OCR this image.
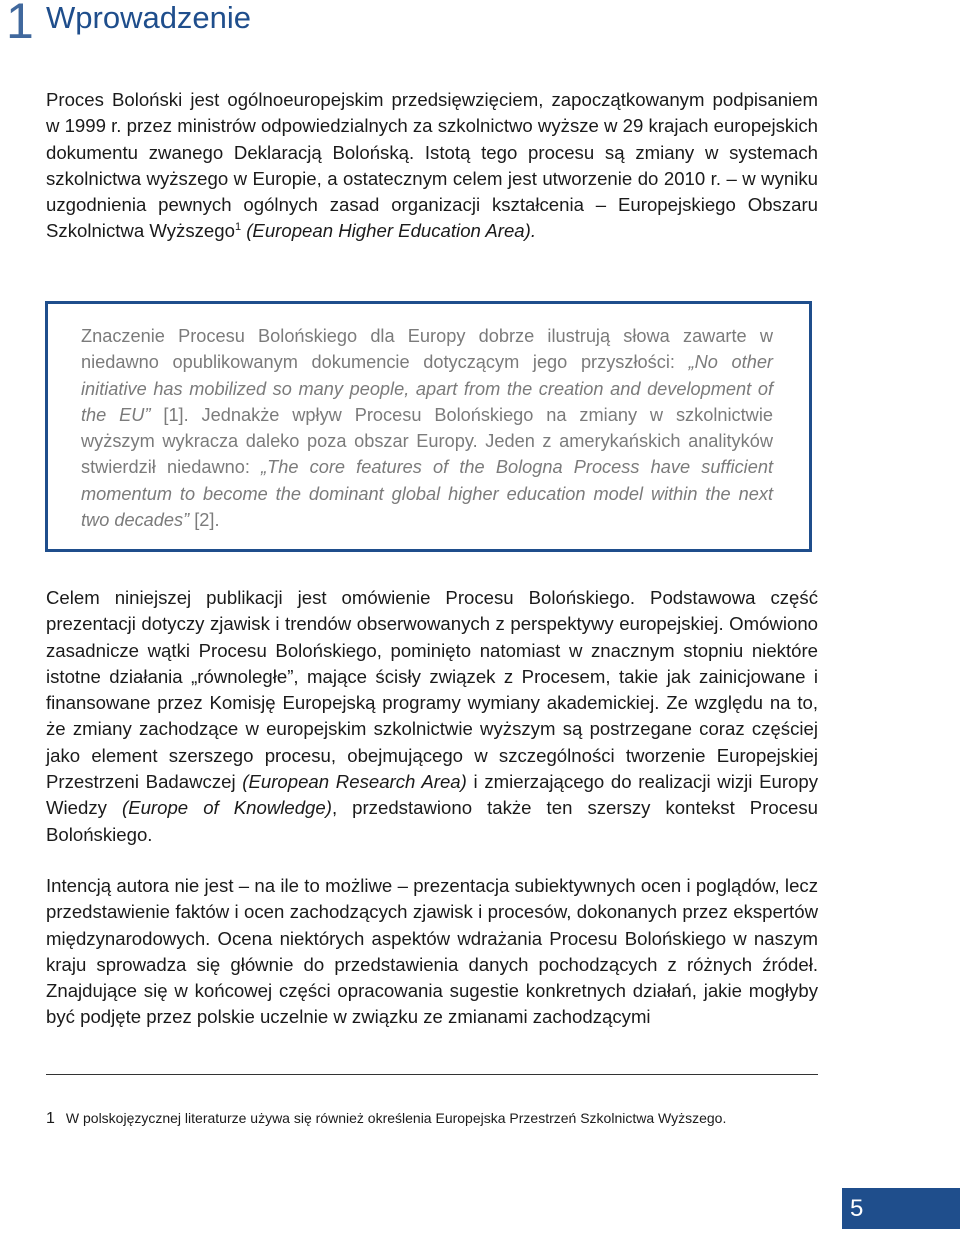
1 Wprowadzenie

Proces Boloński jest ogólnoeuropejskim przedsięwzięciem, zapoczątkowanym podpisaniem w 1999 r. przez ministrów odpowiedzialnych za szkolnictwo wyższe w 29 krajach europejskich dokumentu zwanego Deklaracją Bolońską. Istotą tego procesu są zmiany w systemach szkolnictwa wyższego w Europie, a ostatecznym celem jest utworzenie do 2010 r. – w wyniku uzgodnienia pewnych ogólnych zasad organizacji kształcenia – Europejskiego Obszaru Szkolnictwa Wyższego$^1$ (European Higher Education Area).

Znaczenie Procesu Bolońskiego dla Europy dobrze ilustrują słowa zawarte w niedawno opublikowanym dokumencie dotyczącym jego przyszłości: „No other initiative has mobilized so many people, apart from the creation and development of the EU” [1]. Jednakże wpływ Procesu Bolońskiego na zmiany w szkolnictwie wyższym wykracza daleko poza obszar Europy. Jeden z amerykańskich analityków stwierdził niedawno: „The core features of the Bologna Process have sufficient momentum to become the dominant global higher education model within the next two decades” [2].

Celem niniejszej publikacji jest omówienie Procesu Bolońskiego. Podstawowa część prezentacji dotyczy zjawisk i trendów obserwowanych z perspektywy europejskiej. Omówiono zasadnicze wątki Procesu Bolońskiego, pominięto natomiast w znacznym stopniu niektóre istotne działania „równoległe”, mające ścisły związek z Procesem, takie jak zainicjowane i finansowane przez Komisję Europejską programy wymiany akademickiej. Ze względu na to, że zmiany zachodzące w europejskim szkolnictwie wyższym są postrzegane coraz częściej jako element szerszego procesu, obejmującego w szczególności tworzenie Europejskiej Przestrzeni Badawczej (European Research Area) i zmierzającego do realizacji wizji Europy Wiedzy (Europe of Knowledge), przedstawiono także ten szerszy kontekst Procesu Bolońskiego.

Intencją autora nie jest – na ile to możliwe – prezentacja subiektywnych ocen i poglądów, lecz przedstawienie faktów i ocen zachodzących zjawisk i procesów, dokonanych przez ekspertów międzynarodowych. Ocena niektórych aspektów wdrażania Procesu Bolońskiego w naszym kraju sprowadza się głównie do przedstawienia danych pochodzących z różnych źródeł. Znajdujące się w końcowej części opracowania sugestie konkretnych działań, jakie mogłyby być podjęte przez polskie uczelnie w związku ze zmianami zachodzącymi

1 W polskojęzycznej literaturze używa się również określenia Europejska Przestrzeń Szkolnictwa Wyższego.

5
